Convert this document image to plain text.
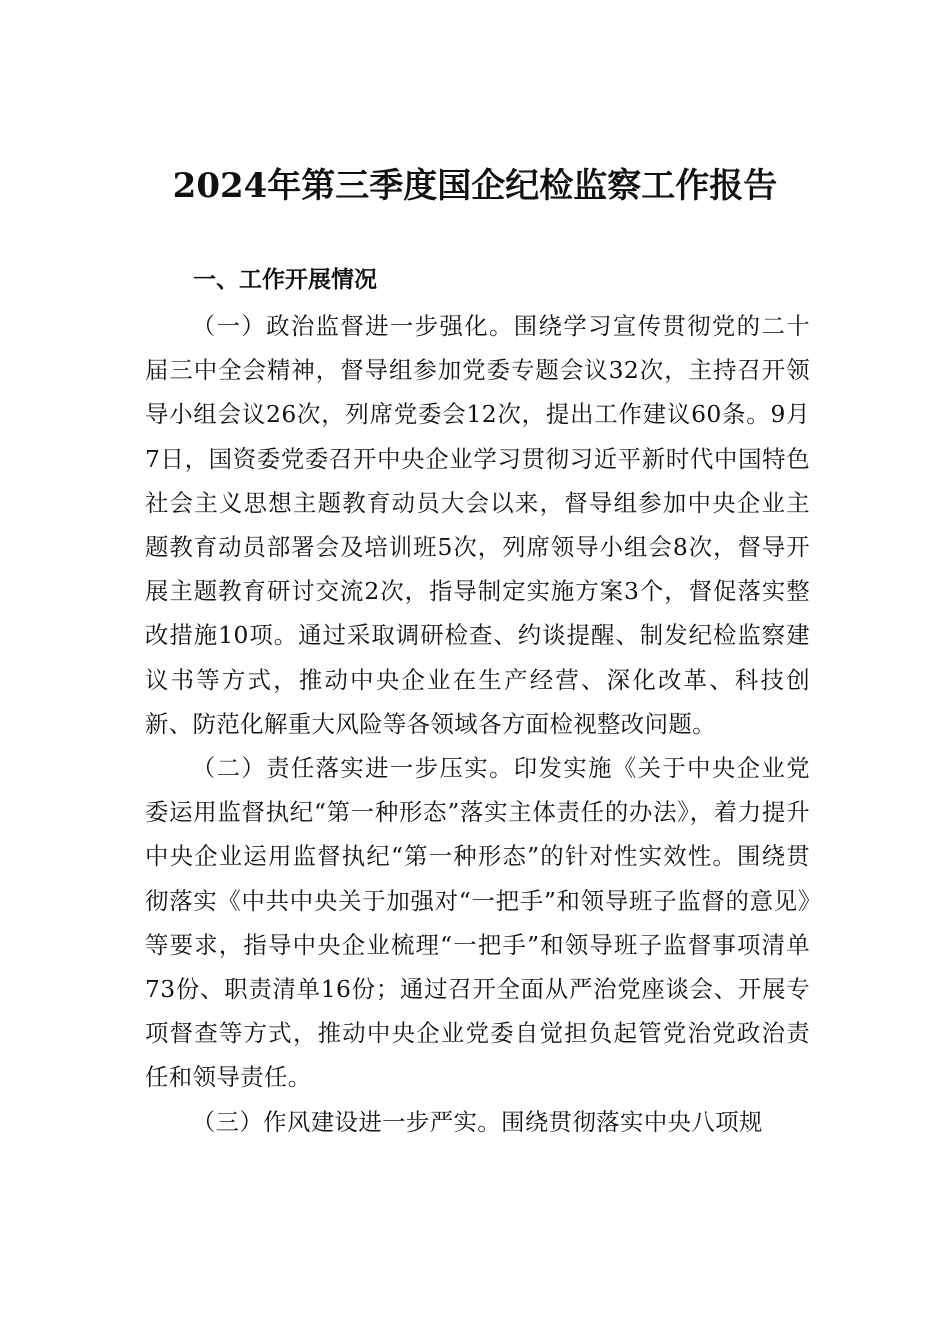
2024年第三季度国企纪检监察工作报告
一、工作开展情况

（一）政治监督进一步强化。围绕学习宣传贯彻党的二十届三中全会精神，督导组参加党委专题会议32次，主持召开领导小组会议26次，列席党委会12次，提出工作建议60条。9月7日，国资委党委召开中央企业学习贯彻习近平新时代中国特色社会主义思想主题教育动员大会以来，督导组参加中央企业主题教育动员部署会及培训班5次，列席领导小组会8次，督导开展主题教育研讨交流2次，指导制定实施方案3个，督促落实整改措施10项。通过采取调研检查、约谈提醒、制发纪检监察建议书等方式，推动中央企业在生产经营、深化改革、科技创新、防范化解重大风险等各领域各方面检视整改问题。

（二）责任落实进一步压实。印发实施《关于中央企业党委运用监督执纪“第一种形态”落实主体责任的办法》，着力提升中央企业运用监督执纪“第一种形态”的针对性实效性。围绕贯彻落实《中共中央关于加强对“一把手”和领导班子监督的意见》等要求，指导中央企业梳理“一把手”和领导班子监督事项清单73份、职责清单16份；通过召开全面从严治党座谈会、开展专项督查等方式，推动中央企业党委自觉担负起管党治党政治责任和领导责任。

（三）作风建设进一步严实。围绕贯彻落实中央八项规
